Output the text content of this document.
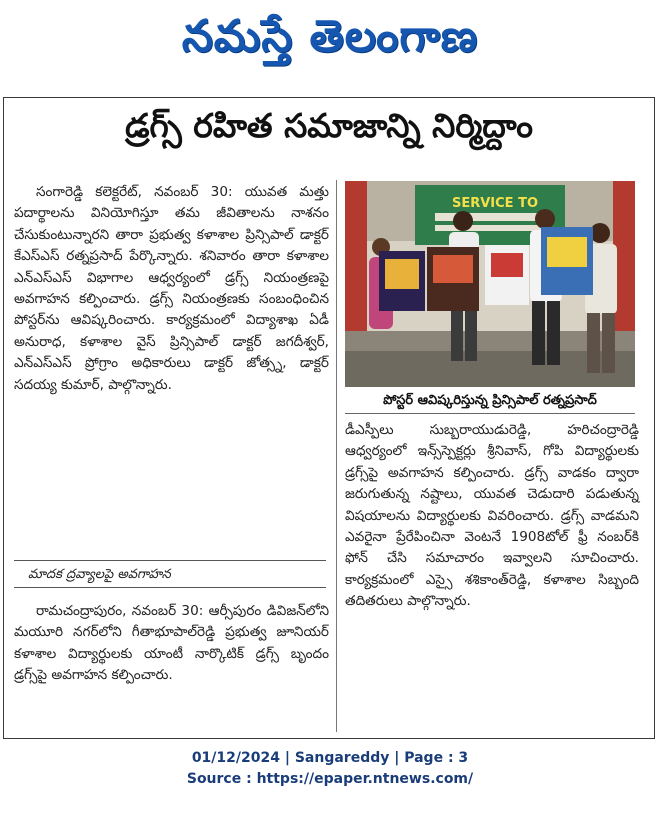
నమస్తే తెలంగాణ
డ్రగ్స్ రహిత సమాజాన్ని నిర్మిద్దాం

సంగారెడ్డి కలెక్టరేట్, నవంబర్ 30: యువత మత్తు పదార్థాలను వినియోగిస్తూ తమ జీవితాలను నాశనం చేసుకుంటున్నారని తారా ప్రభుత్వ కళాశాల ప్రిన్సిపాల్ డాక్టర్ కేఎస్ఎస్ రత్నప్రసాద్ పేర్కొన్నారు. శనివారం తారా కళాశాల ఎన్ఎస్ఎస్ విభాగాల ఆధ్వర్యంలో డ్రగ్స్ నియంత్రణపై అవగాహన కల్పించారు. డ్రగ్స్ నియంత్రణకు సంబంధించిన పోస్టర్‌ను ఆవిష్కరించారు. కార్యక్రమంలో విద్యాశాఖ ఏడీ అనురాధ, కళాశాల వైస్ ప్రిన్సిపాల్ డాక్టర్ జగదీశ్వర్, ఎన్ఎస్ఎస్ ప్రోగ్రాం అధికారులు డాక్టర్ జోత్స్న, డాక్టర్ సదయ్య కుమార్, పాల్గొన్నారు.

మాదక ద్రవ్యాలపై అవగాహన

రామచంద్రాపురం, నవంబర్ 30: ఆర్సీపురం డివిజన్‌లోని మయూరి నగర్‌లోని గీతాభూపాల్‌రెడ్డి ప్రభుత్వ జూనియర్ కళాశాల విద్యార్థులకు యాంటీ నార్కొటిక్ డ్రగ్స్ బృందం డ్రగ్స్‌పై అవగాహన కల్పించారు.

SERVICE TO
పోస్టర్ ఆవిష్కరిస్తున్న ప్రిన్సిపాల్ రత్నప్రసాద్

డీఎస్పీలు సుబ్బరాయుడురెడ్డి, హరిచంద్రారెడ్డి ఆధ్వర్యంలో ఇన్స్‌స్పెక్టర్లు శ్రీనివాస్, గోపి విద్యార్థులకు డ్రగ్స్‌పై అవగాహన కల్పించారు. డ్రగ్స్ వాడకం ద్వారా జరుగుతున్న నష్టాలు, యువత చెడుదారి పడుతున్న విషయాలను విద్యార్థులకు వివరించారు. డ్రగ్స్ వాడమని ఎవరైనా ప్రేరేపించినా వెంటనే 1908టోల్ ఫ్రీ నంబర్‌కి ఫోన్ చేసి సమాచారం ఇవ్వాలని సూచించారు. కార్యక్రమంలో ఎస్సై శశికాంత్‌రెడ్డి, కళాశాల సిబ్బంది తదితరులు పాల్గొన్నారు.

01/12/2024 | Sangareddy | Page : 3
Source : https://epaper.ntnews.com/
